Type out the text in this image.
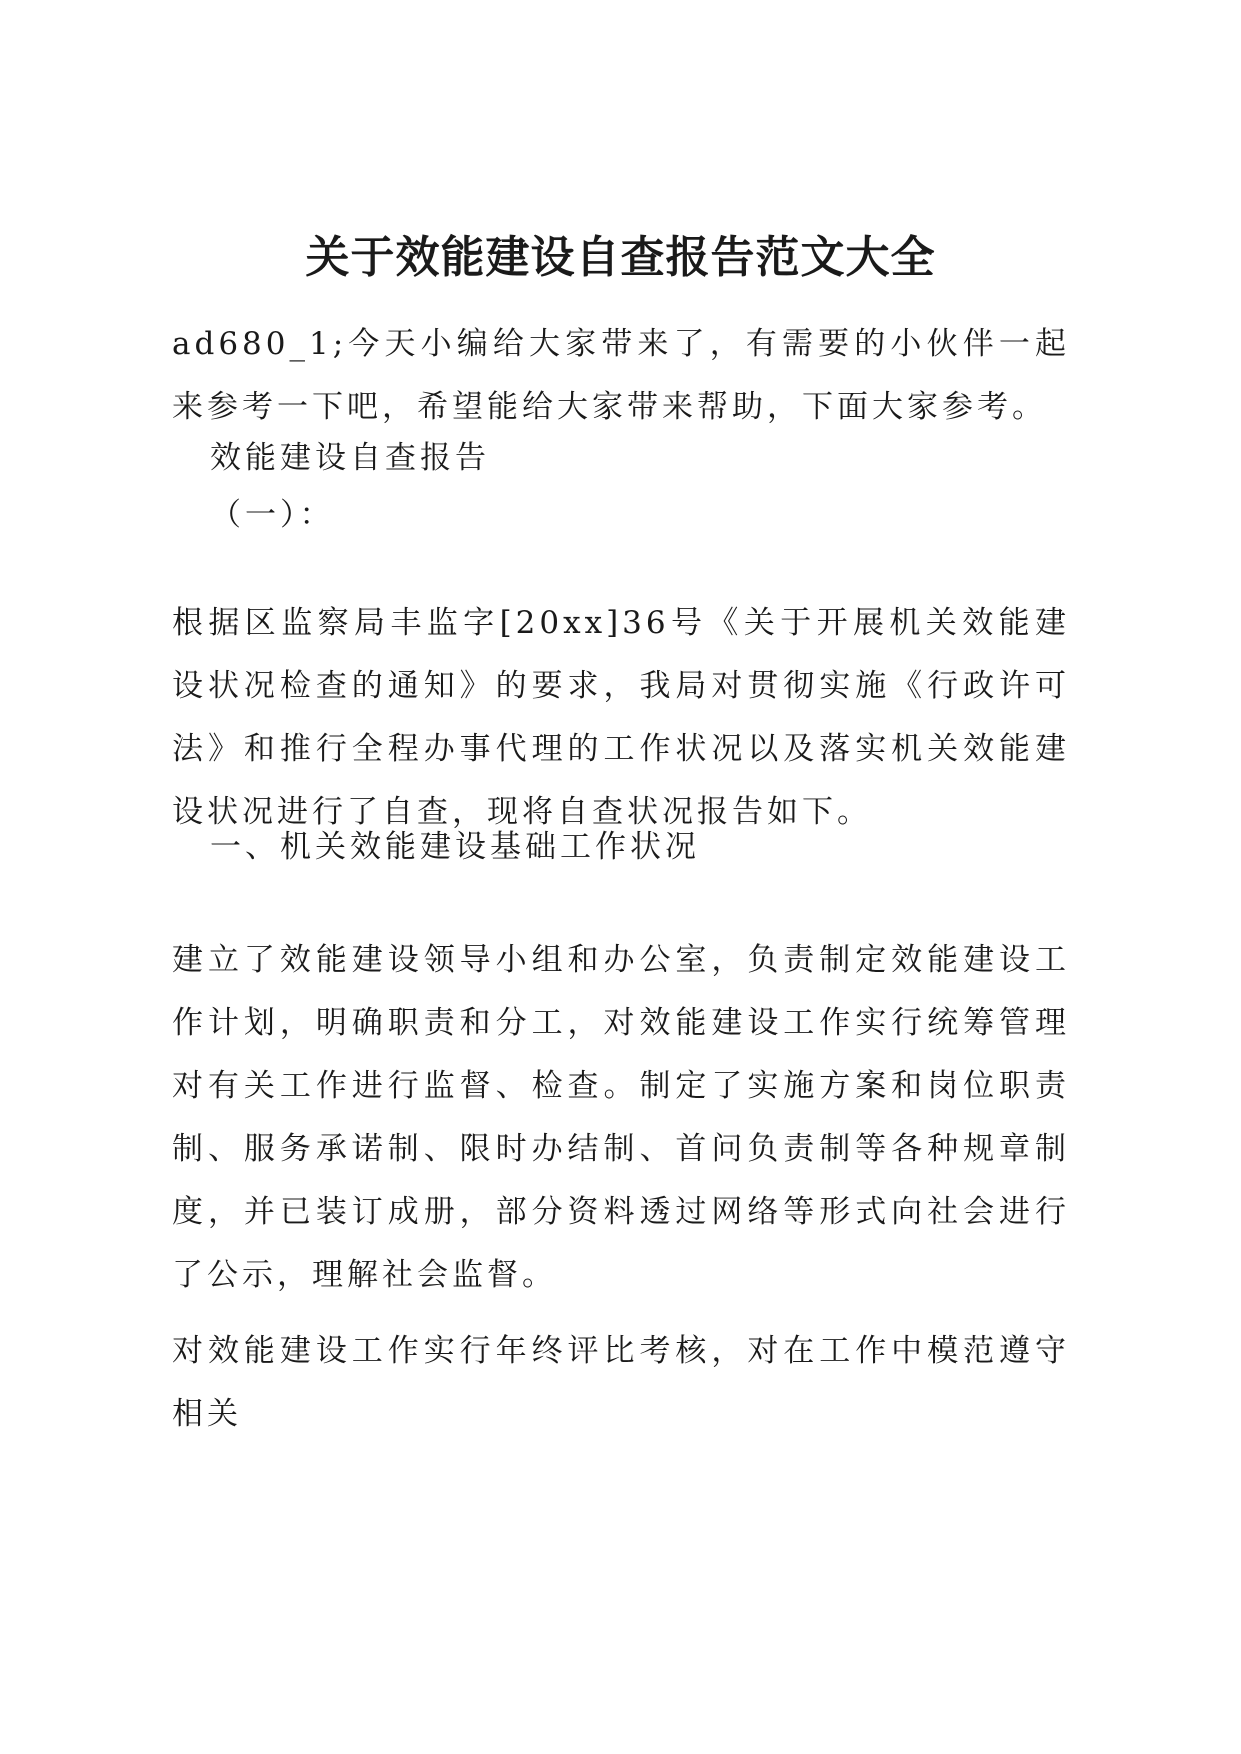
关于效能建设自查报告范文大全

ad680_1;今天小编给大家带来了，有需要的小伙伴一起来参考一下吧，希望能给大家带来帮助，下面大家参考。

效能建设自查报告

（一）：

根据区监察局丰监字[20xx]36号《关于开展机关效能建设状况检查的通知》的要求，我局对贯彻实施《行政许可法》和推行全程办事代理的工作状况以及落实机关效能建设状况进行了自查，现将自查状况报告如下。

一、机关效能建设基础工作状况

建立了效能建设领导小组和办公室，负责制定效能建设工作计划，明确职责和分工，对效能建设工作实行统筹管理对有关工作进行监督、检查。制定了实施方案和岗位职责制、服务承诺制、限时办结制、首问负责制等各种规章制度，并已装订成册，部分资料透过网络等形式向社会进行了公示，理解社会监督。

对效能建设工作实行年终评比考核，对在工作中模范遵守相关
